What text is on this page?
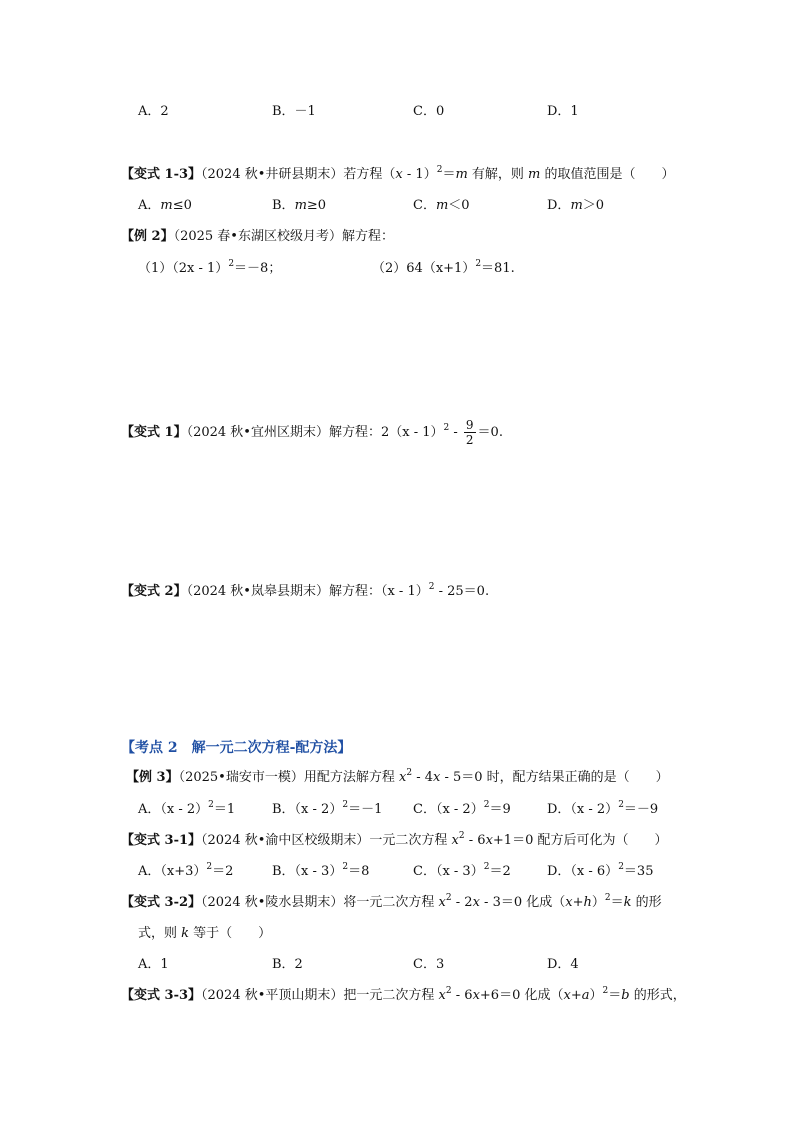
A．2	B．－1	C．0	D．1
【变式 1-3】（2024 秋•井研县期末）若方程（x - 1）$^2$＝m 有解，则 m 的取值范围是（　　）
A．m≤0	B．m≥0	C．m＜0	D．m＞0
【例 2】（2025 春•东湖区校级月考）解方程：
（1）（2x - 1）$^2$＝－8；	$(2)64(x+1)^2=81$.
【变式 1】（2024 秋•宜州区期末）解方程：$2(x - 1)^2 - \frac{9}{2} =0$.
【变式 2】（2024 秋•岚皋县期末）解方程：（x - 1）$^2$ - 25＝0.
【考点 2　解一元二次方程-配方法】
【例 3】（2025•瑞安市一模）用配方法解方程 $x^2 - 4x - 5=0$ 时，配方结果正确的是（　　）
A．（x - 2）$^2$＝1	B．（x - 2）$^2$＝－1 C．（x - 2）$^2$＝9	D．（x - 2）$^2$＝－9
【变式 3-1】（2024 秋•渝中区校级期末）一元二次方程 $x^2 - 6x+1=0$ 配方后可化为（　　）
A．$(x+3)^2=2$	B．（x - 3）$^2$＝8	C．（x - 3）$^2$＝2	D．（x - 6）$^2$＝35
【变式 3-2】（2024 秋•陵水县期末）将一元二次方程 $x^2 - 2x - 3=0$ 化成$(x+h)^2=k$ 的形
式，则 k 等于（　　）
A．1	B．2	C．3	D．4
【变式 3-3】（2024 秋•平顶山期末）把一元二次方程 $x^2 - 6x+6=0$ 化成$(x+a)^2=b$ 的形式，
